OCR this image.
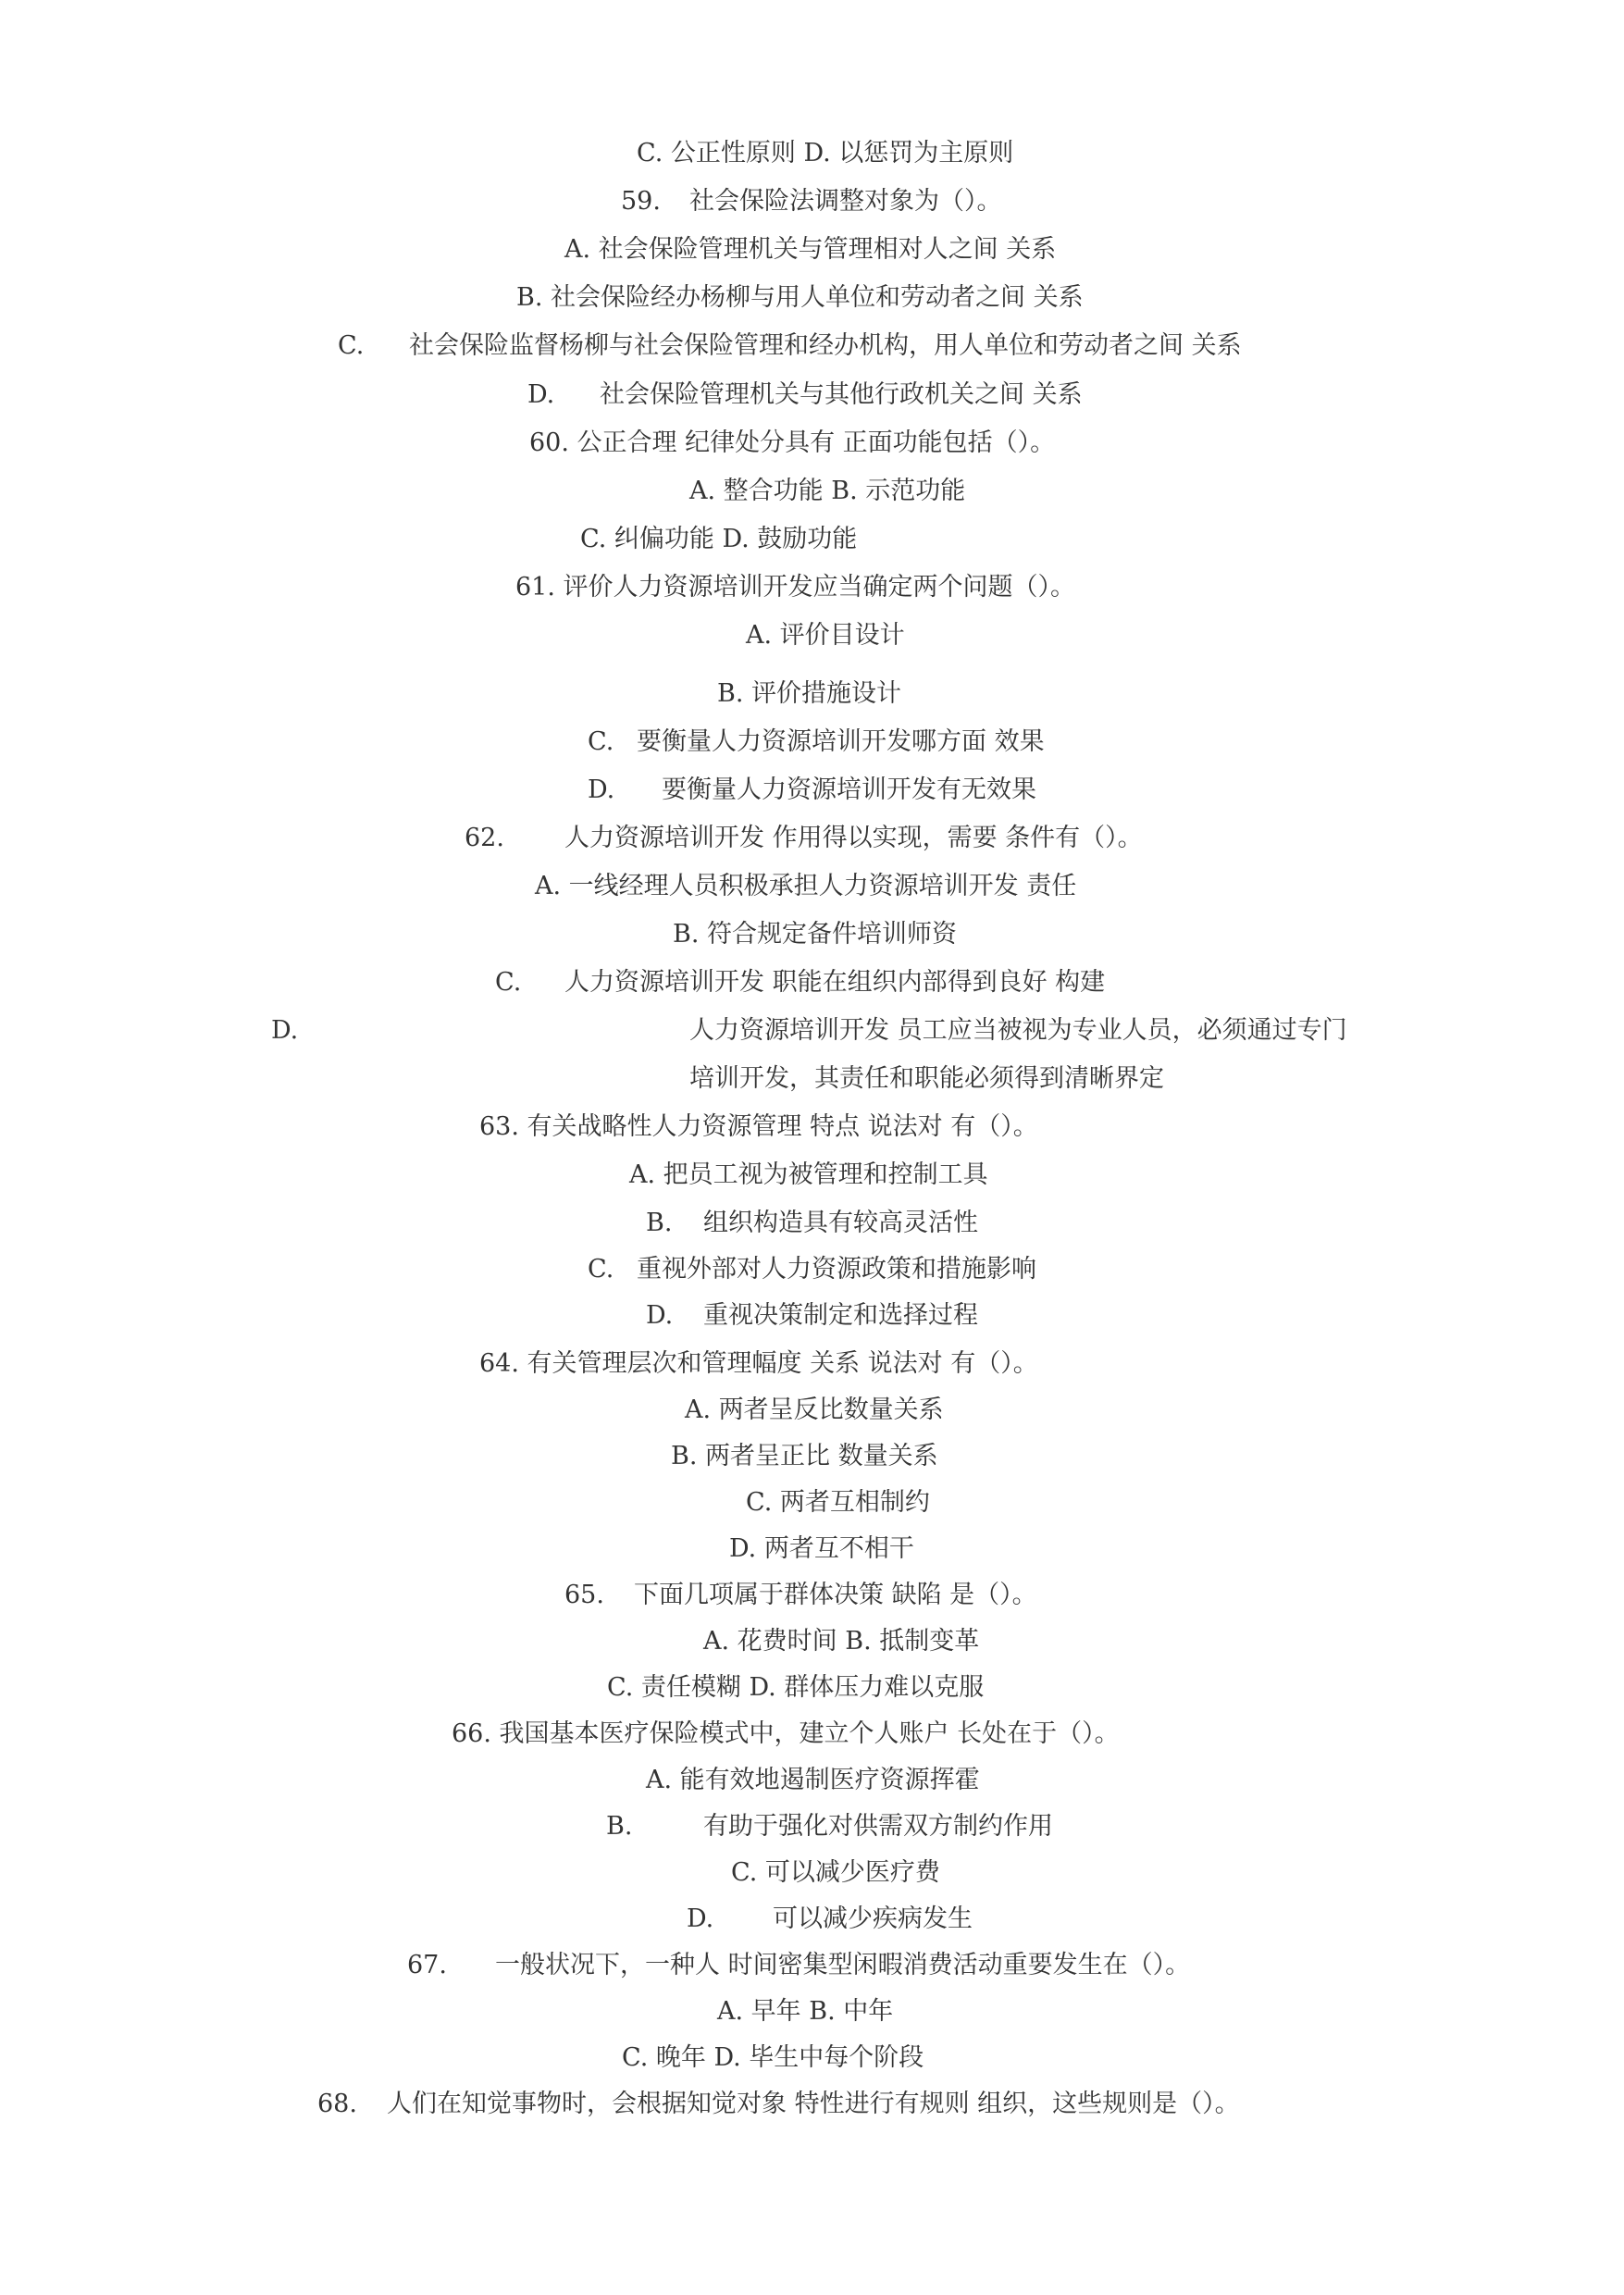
C. 公正性原则 D. 以惩罚为主原则
59. 社会保险法调整对象为（）。
A. 社会保险管理机关与管理相对人之间 关系
B. 社会保险经办杨柳与用人单位和劳动者之间 关系
C. 社会保险监督杨柳与社会保险管理和经办机构，用人单位和劳动者之间 关系
D. 社会保险管理机关与其他行政机关之间 关系
60. 公正合理 纪律处分具有 正面功能包括（）。
A. 整合功能 B. 示范功能
C. 纠偏功能 D. 鼓励功能
61. 评价人力资源培训开发应当确定两个问题（）。
A. 评价目设计
B. 评价措施设计
C. 要衡量人力资源培训开发哪方面 效果
D. 要衡量人力资源培训开发有无效果
62. 人力资源培训开发 作用得以实现，需要 条件有（）。
A. 一线经理人员积极承担人力资源培训开发 责任
B. 符合规定备件培训师资
C. 人力资源培训开发 职能在组织内部得到良好 构建
D.	人力资源培训开发 员工应当被视为专业人员，必须通过专门
培训开发，其责任和职能必须得到清晰界定
63. 有关战略性人力资源管理 特点 说法对 有（）。
A. 把员工视为被管理和控制工具
B. 组织构造具有较高灵活性
C. 重视外部对人力资源政策和措施影响
D. 重视决策制定和选择过程
64. 有关管理层次和管理幅度 关系 说法对 有（）。
A. 两者呈反比数量关系
B. 两者呈正比 数量关系
C. 两者互相制约
D. 两者互不相干
65. 下面几项属于群体决策 缺陷 是（）。
A. 花费时间 B. 抵制变革
C. 责任模糊 D. 群体压力难以克服
66. 我国基本医疗保险模式中，建立个人账户 长处在于（）。
A. 能有效地遏制医疗资源挥霍
B.	有助于强化对供需双方制约作用
C. 可以减少医疗费
D. 可以减少疾病发生
67. 一般状况下，一种人 时间密集型闲暇消费活动重要发生在（）。
A. 早年 B. 中年
C. 晚年 D. 毕生中每个阶段
68. 人们在知觉事物时，会根据知觉对象 特性进行有规则 组织，这些规则是（）。
